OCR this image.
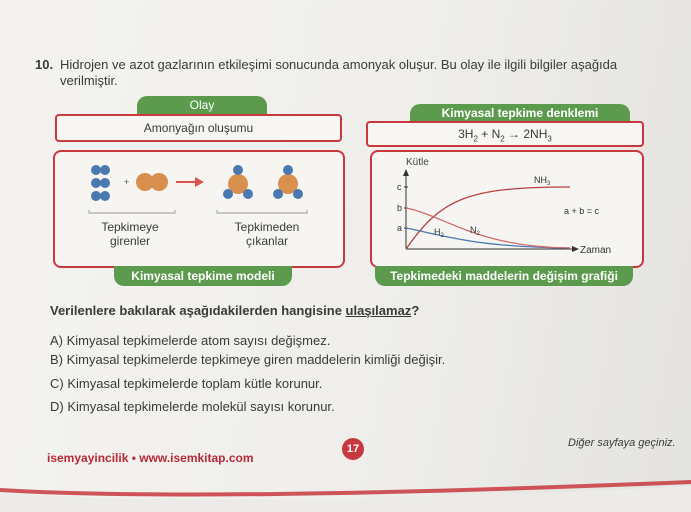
10. Hidrojen ve azot gazlarının etkileşimi sonucunda amonyak oluşur. Bu olay ile ilgili bilgiler aşağıda verilmiştir.
Olay
Amonyağın oluşumu
Kimyasal tepkime denklemi
$3H_2 + N_2 \to 2NH_3$
+
Tepkimeye
girenler
Tepkimeden
çıkanlar
Kimyasal tepkime modeli
Kütle
Zaman
c
b
a
$NH_3$
$H_2$
$N_2$
a + b = c
Tepkimedeki maddelerin değişim grafiği
Verilenlere bakılarak aşağıdakilerden hangisine ulaşılamaz?
A) Kimyasal tepkimelerde atom sayısı değişmez.
B) Kimyasal tepkimelerde tepkimeye giren maddelerin kimliği değişir.
C) Kimyasal tepkimelerde toplam kütle korunur.
D) Kimyasal tepkimelerde molekül sayısı korunur.
isemyayincilik • www.isemkitap.com
17	Diğer sayfaya geçiniz.
